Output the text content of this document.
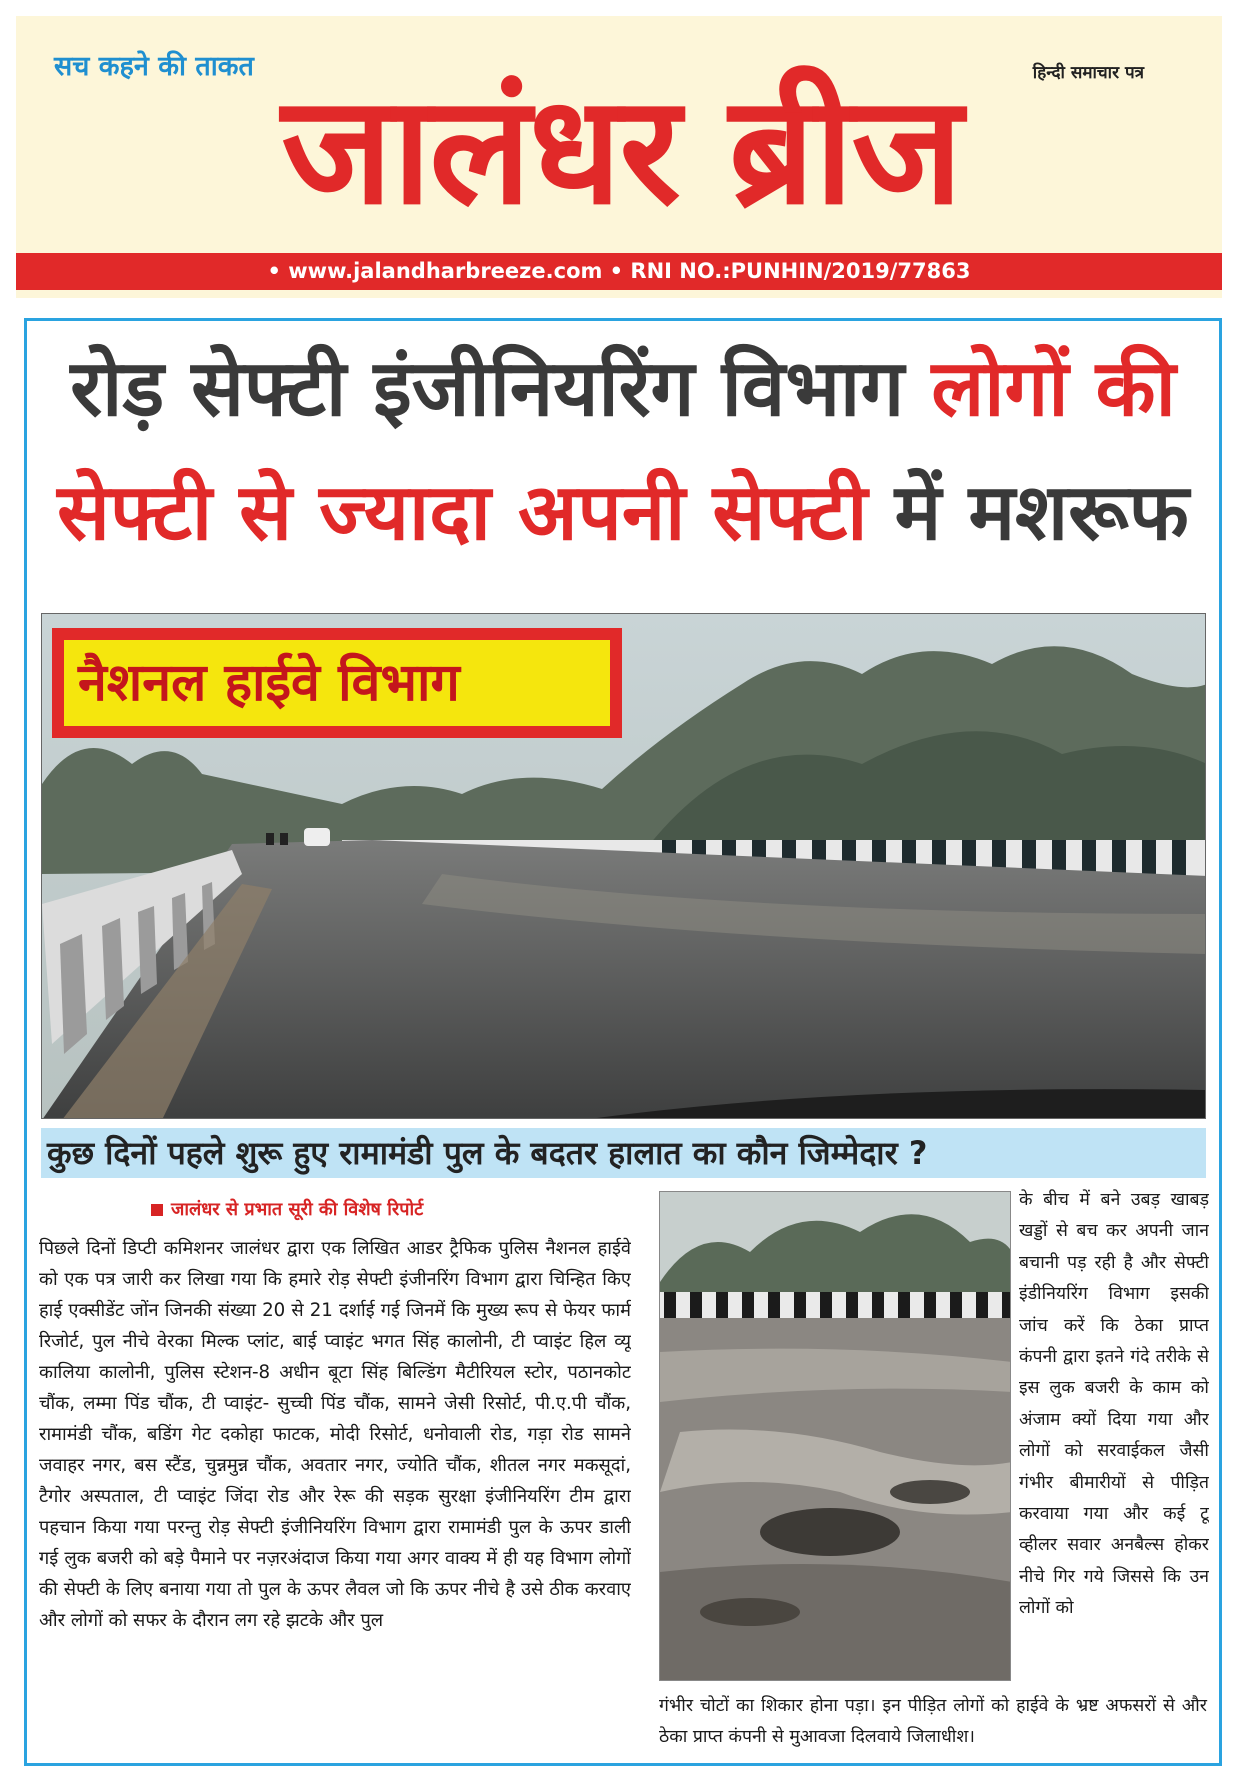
जालंधर ब्रीज
सच कहने की ताकत	हिन्दी समाचार पत्र
• www.jalandharbreeze.com • RNI NO.:PUNHIN/2019/77863
रोड़ सेफ्टी इंजीनियरिंग विभाग लोगों की
सेफ्टी से ज्यादा अपनी सेफ्टी में मशरूफ
नैशनल हाईवे विभाग
कुछ दिनों पहले शुरू हुए रामामंडी पुल के बदतर हालात का कौन जिम्मेदार ?
जालंधर से प्रभात सूरी की विशेष रिपोर्ट
पिछले दिनों डिप्टी कमिशनर जालंधर द्वारा एक लिखित आडर ट्रैफिक पुलिस नैशनल हाईवे को एक पत्र जारी कर लिखा गया कि हमारे रोड़ सेफ्टी इंजीनरिंग विभाग द्वारा चिन्हित किए हाई एक्सीडेंट जोंन जिनकी संख्या 20 से 21 दर्शाई गई जिनमें कि मुख्य रूप से फेयर फार्म रिजोर्ट, पुल नीचे वेरका मिल्क प्लांट, बाई प्वाइंट भगत सिंह कालोनी, टी प्वाइंट हिल व्यू कालिया कालोनी, पुलिस स्टेशन-8 अधीन बूटा सिंह बिल्डिंग मैटीरियल स्टोर, पठानकोट चौंक, लम्मा पिंड चौंक, टी प्वाइंट- सुच्ची पिंड चौंक, सामने जेसी रिसोर्ट, पी.ए.पी चौंक, रामामंडी चौंक, बडिंग गेट दकोहा फाटक, मोदी रिसोर्ट, धनोवाली रोड, गड़ा रोड सामने जवाहर नगर, बस स्टैंड, चुन्नमुन्न चौंक, अवतार नगर, ज्योति चौंक, शीतल नगर मकसूदां, टैगोर अस्पताल, टी प्वाइंट जिंदा रोड और रेरू की सड़क सुरक्षा इंजीनियरिंग टीम द्वारा पहचान किया गया परन्तु रोड़ सेफ्टी इंजीनियरिंग विभाग द्वारा रामामंडी पुल के ऊपर डाली गई लुक बजरी को बड़े पैमाने पर नज़रअंदाज किया गया अगर वाक्य में ही यह विभाग लोगों की सेफ्टी के लिए बनाया गया तो पुल के ऊपर लैवल जो कि ऊपर नीचे है उसे ठीक करवाए और लोगों को सफर के दौरान लग रहे झटके और पुल
के बीच में बने उबड़ खाबड़ खड्डों से बच कर अपनी जान बचानी पड़ रही है और सेफ्टी इंडीनियरिंग विभाग इसकी जांच करें कि ठेका प्राप्त कंपनी द्वारा इतने गंदे तरीके से इस लुक बजरी के काम को अंजाम क्यों दिया गया और लोगों को सरवाईकल जैसी गंभीर बीमारीयों से पीड़ित करवाया गया और कई टू व्हीलर सवार अनबैल्स होकर नीचे गिर गये जिससे कि उन लोगों को
गंभीर चोटों का शिकार होना पड़ा। इन पीड़ित लोगों को हाईवे के भ्रष्ट अफसरों से और ठेका प्राप्त कंपनी से मुआवजा दिलवाये जिलाधीश।
